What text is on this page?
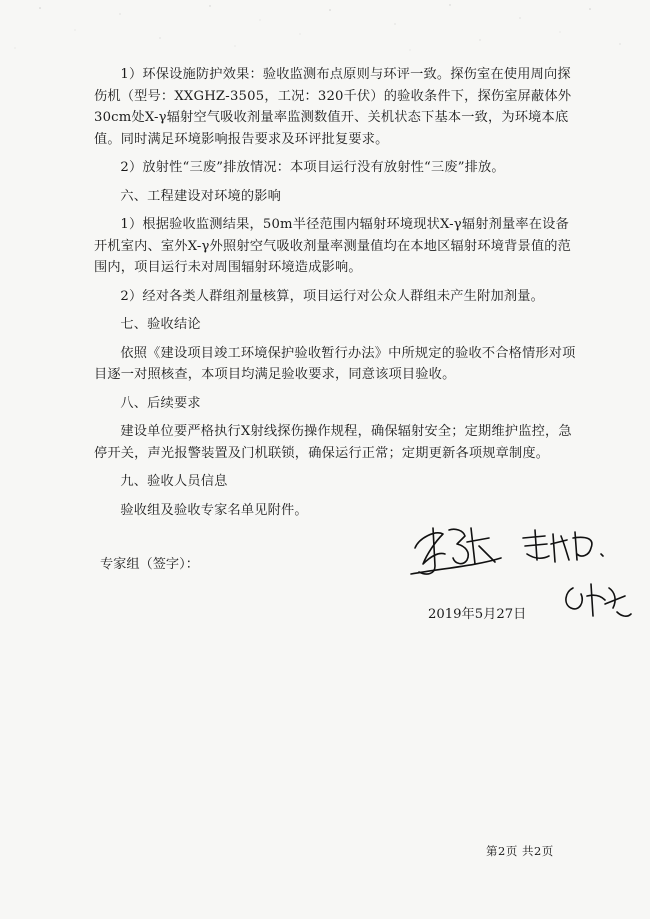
1）环保设施防护效果：验收监测布点原则与环评一致。探伤室在使用周向探伤机（型号：XXGHZ-3505，工况：320千伏）的验收条件下，探伤室屏蔽体外30cm处X-γ辐射空气吸收剂量率监测数值开、关机状态下基本一致，为环境本底值。同时满足环境影响报告要求及环评批复要求。

2）放射性“三废”排放情况：本项目运行没有放射性“三废”排放。

六、工程建设对环境的影响

1）根据验收监测结果，50m半径范围内辐射环境现状X-γ辐射剂量率在设备开机室内、室外X-γ外照射空气吸收剂量率测量值均在本地区辐射环境背景值的范围内，项目运行未对周围辐射环境造成影响。

2）经对各类人群组剂量核算，项目运行对公众人群组未产生附加剂量。

七、验收结论

依照《建设项目竣工环境保护验收暂行办法》中所规定的验收不合格情形对项目逐一对照核查，本项目均满足验收要求，同意该项目验收。

八、后续要求

建设单位要严格执行X射线探伤操作规程，确保辐射安全；定期维护监控，急停开关，声光报警装置及门机联锁，确保运行正常；定期更新各项规章制度。

九、验收人员信息

验收组及验收专家名单见附件。

专家组（签字）：
2019年5月27日
第2页 共2页
